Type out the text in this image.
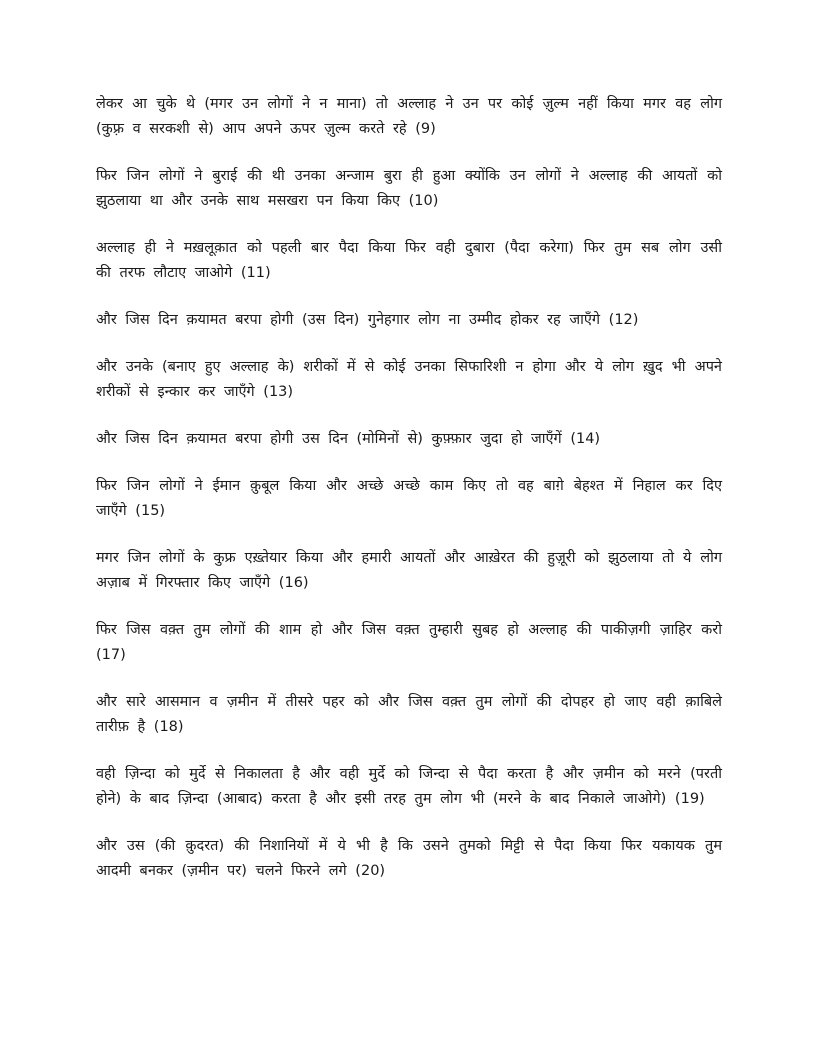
लेकर आ चुके थे (मगर उन लोगों ने न माना) तो अल्लाह ने उन पर कोई ज़ुल्म नहीं किया मगर वह लोग (कुफ़्र व सरकशी से) आप अपने ऊपर ज़ुल्म करते रहे (9)

फिर जिन लोगों ने बुराई की थी उनका अन्जाम बुरा ही हुआ क्योंकि उन लोगों ने अल्लाह की आयतों को झुठलाया था और उनके साथ मसखरा पन किया किए (10)

अल्लाह ही ने मख़लूक़ात को पहली बार पैदा किया फिर वही दुबारा (पैदा करेगा) फिर तुम सब लोग उसी की तरफ लौटाए जाओगे (11)

और जिस दिन क़यामत बरपा होगी (उस दिन) गुनेहगार लोग ना उम्मीद होकर रह जाएँगे (12)

और उनके (बनाए हुए अल्लाह के) शरीकों में से कोई उनका सिफारिशी न होगा और ये लोग ख़ुद भी अपने शरीकों से इन्कार कर जाएँगे (13)

और जिस दिन क़यामत बरपा होगी उस दिन (मोमिनों से) कुफ़्फ़ार जुदा हो जाएँगें (14)

फिर जिन लोगों ने ईमान क़ुबूल किया और अच्छे अच्छे काम किए तो वह बाग़े बेहश्त में निहाल कर दिए जाएँगे (15)

मगर जिन लोगों के कुफ्र एख़्तेयार किया और हमारी आयतों और आख़ेरत की हुज़ूरी को झुठलाया तो ये लोग अज़ाब में गिरफ्तार किए जाएँगे (16)

फिर जिस वक़्त तुम लोगों की शाम हो और जिस वक़्त तुम्हारी सुबह हो अल्लाह की पाकीज़गी ज़ाहिर करो (17)

और सारे आसमान व ज़मीन में तीसरे पहर को और जिस वक़्त तुम लोगों की दोपहर हो जाए वही क़ाबिले तारीफ़ है (18)

वही ज़िन्दा को मुर्दे से निकालता है और वही मुर्दे को जिन्दा से पैदा करता है और ज़मीन को मरने (परती होने) के बाद ज़िन्दा (आबाद) करता है और इसी तरह तुम लोग भी (मरने के बाद निकाले जाओगे) (19)

और उस (की क़ुदरत) की निशानियों में ये भी है कि उसने तुमको मिट्टी से पैदा किया फिर यकायक तुम आदमी बनकर (ज़मीन पर) चलने फिरने लगे (20)
